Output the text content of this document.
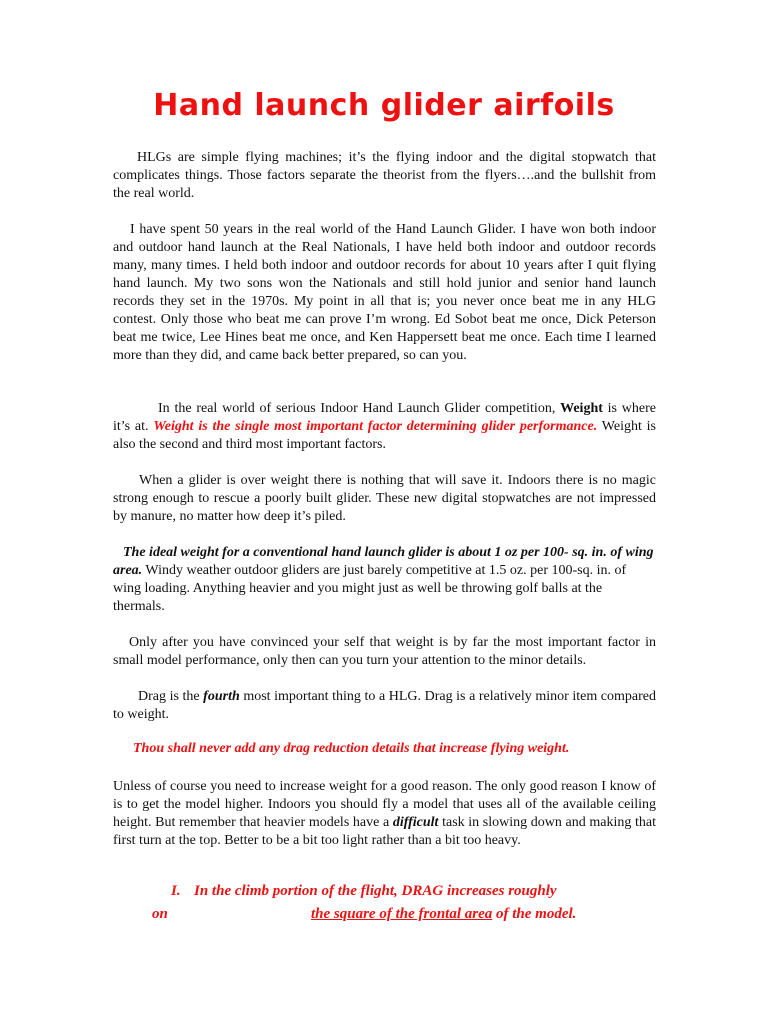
Hand launch glider airfoils

HLGs are simple flying machines; it’s the flying indoor and the digital stopwatch that complicates things. Those factors separate the theorist from the flyers….and the bullshit from the real world.

I have spent 50 years in the real world of the Hand Launch Glider. I have won both indoor and outdoor hand launch at the Real Nationals, I have held both indoor and outdoor records many, many times. I held both indoor and outdoor records for about 10 years after I quit flying hand launch. My two sons won the Nationals and still hold junior and senior hand launch records they set in the 1970s. My point in all that is; you never once beat me in any HLG contest. Only those who beat me can prove I’m wrong. Ed Sobot beat me once, Dick Peterson beat me twice, Lee Hines beat me once, and Ken Happersett beat me once. Each time I learned more than they did, and came back better prepared, so can you.

In the real world of serious Indoor Hand Launch Glider competition, Weight is where it’s at. Weight is the single most important factor determining glider performance. Weight is also the second and third most important factors.

When a glider is over weight there is nothing that will save it. Indoors there is no magic strong enough to rescue a poorly built glider. These new digital stopwatches are not impressed by manure, no matter how deep it’s piled.

The ideal weight for a conventional hand launch glider is about 1 oz per 100- sq. in. of wing area. Windy weather outdoor gliders are just barely competitive at 1.5 oz. per 100-sq. in. of wing loading. Anything heavier and you might just as well be throwing golf balls at the thermals.

Only after you have convinced your self that weight is by far the most important factor in small model performance, only then can you turn your attention to the minor details.

Drag is the fourth most important thing to a HLG. Drag is a relatively minor item compared to weight.

Thou shall never add any drag reduction details that increase flying weight.

Unless of course you need to increase weight for a good reason. The only good reason I know of is to get the model higher. Indoors you should fly a model that uses all of the available ceiling height. But remember that heavier models have a difficult task in slowing down and making that first turn at the top. Better to be a bit too light rather than a bit too heavy.

I. In the climb portion of the flight, DRAG increases roughly
on	the square of the frontal area of the model.
